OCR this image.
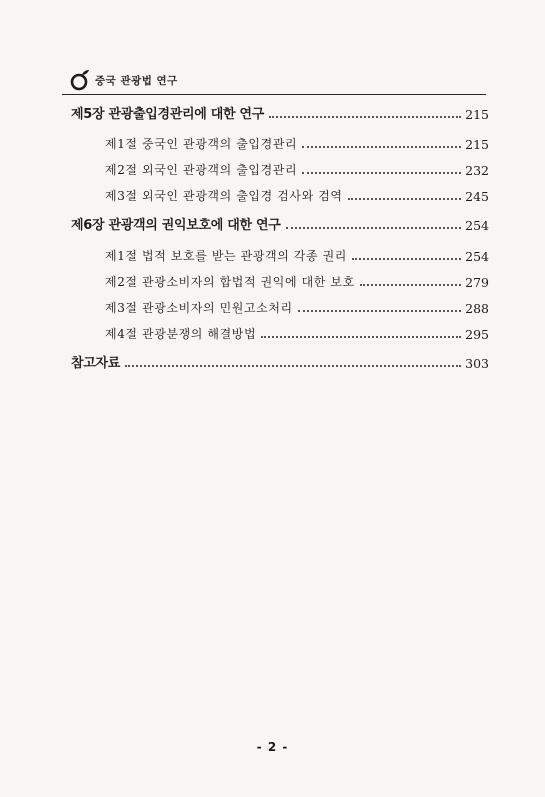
중국 관광법 연구
제5장 관광출입경관리에 대한 연구	215
제1절 중국인 관광객의 출입경관리	215
제2절 외국인 관광객의 출입경관리	232
제3절 외국인 관광객의 출입경 검사와 검역	245
제6장 관광객의 권익보호에 대한 연구	254
제1절 법적 보호를 받는 관광객의 각종 권리	254
제2절 관광소비자의 합법적 권익에 대한 보호	279
제3절 관광소비자의 민원고소처리	288
제4절 관광분쟁의 해결방법	295
참고자료	303
- 2 -
